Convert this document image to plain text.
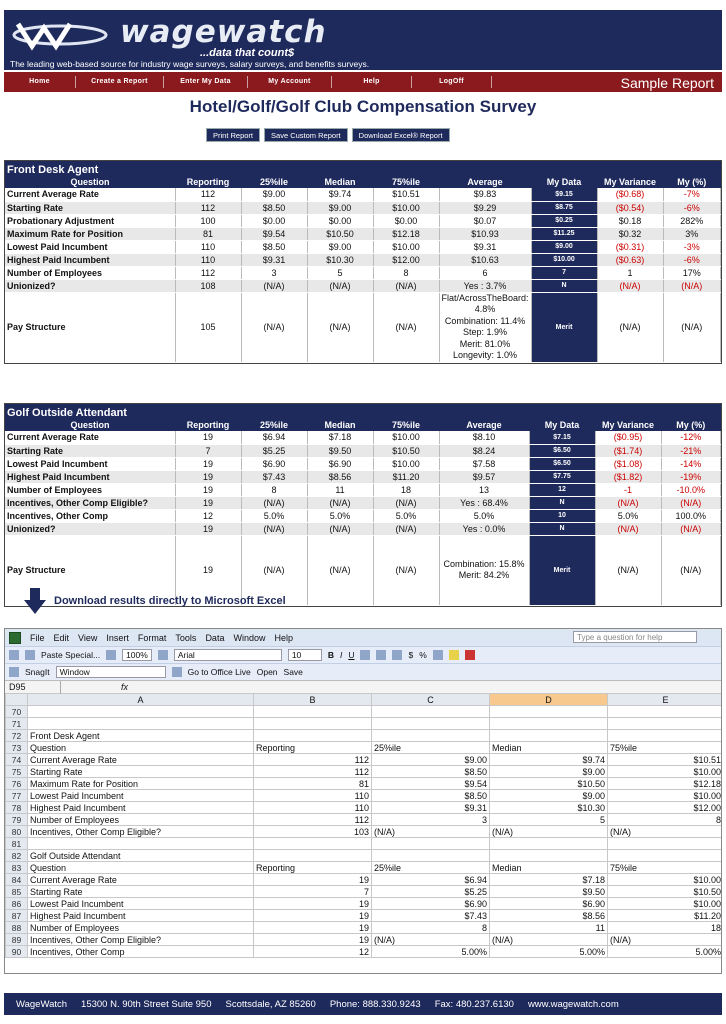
wagewatch
...data that count$
The leading web-based source for industry wage surveys, salary surveys, and benefits surveys.
Home	Create a Report	Enter My Data	My Account	Help	LogOff	Sample Report
Hotel/Golf/Golf Club Compensation Survey
Print Report	Save Custom Report	Download Excel® Report
Front Desk Agent
Question	Reporting	25%ile	Median	75%ile	Average	My Data	My Variance	My (%)
Current Average Rate	112	$9.00	$9.74	$10.51	$9.83	$9.15	($0.68)	-7%
Starting Rate	112	$8.50	$9.00	$10.00	$9.29	$8.75	($0.54)	-6%
Probationary Adjustment	100	$0.00	$0.00	$0.00	$0.07	$0.25	$0.18	282%
Maximum Rate for Position	81	$9.54	$10.50	$12.18	$10.93	$11.25	$0.32	3%
Lowest Paid Incumbent	110	$8.50	$9.00	$10.00	$9.31	$9.00	($0.31)	-3%
Highest Paid Incumbent	110	$9.31	$10.30	$12.00	$10.63	$10.00	($0.63)	-6%
Number of Employees	112	3	5	8	6	7	1	17%
Unionized?	108	(N/A)	(N/A)	(N/A)	Yes : 3.7%	N	(N/A)	(N/A)
Pay Structure	105	(N/A)	(N/A)	(N/A)	Flat/AcrossTheBoard: 4.8%
Combination: 11.4%
Step: 1.9%
Merit: 81.0%
Longevity: 1.0%	Merit	(N/A)	(N/A)
Golf Outside Attendant
Question	Reporting	25%ile	Median	75%ile	Average	My Data	My Variance	My (%)
Current Average Rate	19	$6.94	$7.18	$10.00	$8.10	$7.15	($0.95)	-12%
Starting Rate	7	$5.25	$9.50	$10.50	$8.24	$6.50	($1.74)	-21%
Lowest Paid Incumbent	19	$6.90	$6.90	$10.00	$7.58	$6.50	($1.08)	-14%
Highest Paid Incumbent	19	$7.43	$8.56	$11.20	$9.57	$7.75	($1.82)	-19%
Number of Employees	19	8	11	18	13	12	-1	-10.0%
Incentives, Other Comp Eligible?	19	(N/A)	(N/A)	(N/A)	Yes : 68.4%	N	(N/A)	(N/A)
Incentives, Other Comp	12	5.0%	5.0%	5.0%	5.0%	10	5.0%	100.0%
Unionized?	19	(N/A)	(N/A)	(N/A)	Yes : 0.0%	N	(N/A)	(N/A)
Pay Structure	19	(N/A)	(N/A)	(N/A)	Combination: 15.8%
Merit: 84.2%	Merit	(N/A)	(N/A)
Download results directly to Microsoft Excel
File Edit View Insert Format Tools Data Window Help	Type a question for help
Paste Special...	100%	Arial	10	B I U	$ %
SnagIt	Window	Go to Office Live Open Save
D95	fx
	A	B	C	D	E
70					
71					
72	Front Desk Agent				
73	Question	Reporting	25%ile	Median	75%ile
74	Current Average Rate	112	$9.00	$9.74	$10.51
75	Starting Rate	112	$8.50	$9.00	$10.00
76	Maximum Rate for Position	81	$9.54	$10.50	$12.18
77	Lowest Paid Incumbent	110	$8.50	$9.00	$10.00
78	Highest Paid Incumbent	110	$9.31	$10.30	$12.00
79	Number of Employees	112	3	5	8
80	Incentives, Other Comp Eligible?	103	(N/A)	(N/A)	(N/A)
81					
82	Golf Outside Attendant				
83	Question	Reporting	25%ile	Median	75%ile
84	Current Average Rate	19	$6.94	$7.18	$10.00
85	Starting Rate	7	$5.25	$9.50	$10.50
86	Lowest Paid Incumbent	19	$6.90	$6.90	$10.00
87	Highest Paid Incumbent	19	$7.43	$8.56	$11.20
88	Number of Employees	19	8	11	18
89	Incentives, Other Comp Eligible?	19	(N/A)	(N/A)	(N/A)
90	Incentives, Other Comp	12	5.00%	5.00%	5.00%
WageWatch 15300 N. 90th Street Suite 950 Scottsdale, AZ 85260 Phone: 888.330.9243 Fax: 480.237.6130 www.wagewatch.com
